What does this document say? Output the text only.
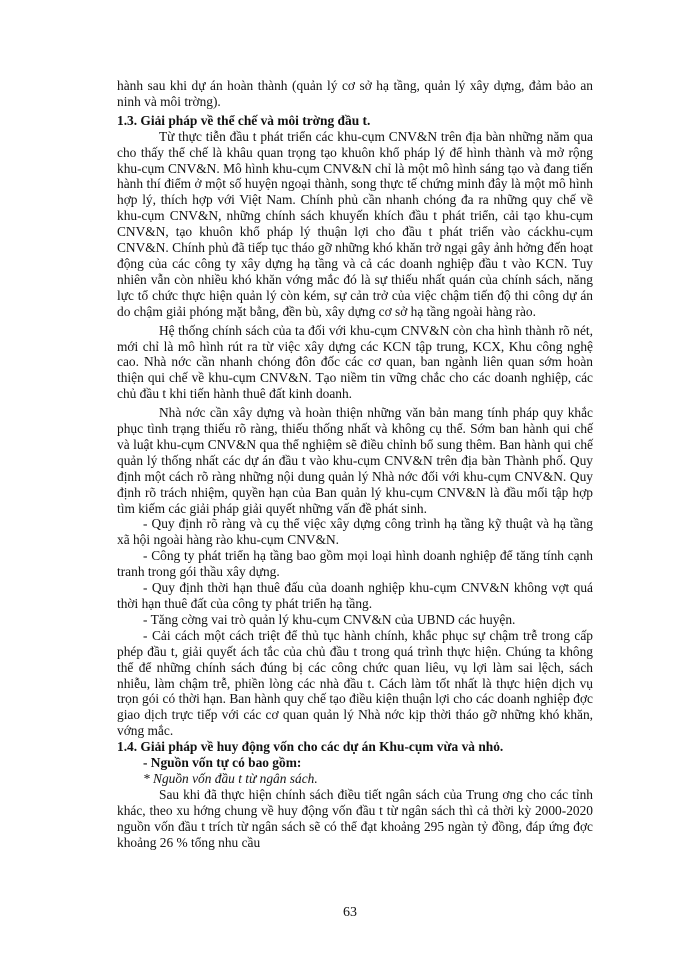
hành sau khi dự án hoàn thành (quản lý cơ sở hạ tầng, quản lý xây dựng, đảm bảo an ninh và môi trờng).

1.3. Giải pháp về thể chế và môi trờng đầu t.

Từ thực tiễn đầu t phát triển các khu-cụm CNV&N trên địa bàn những năm qua cho thấy thể chế là khâu quan trọng tạo khuôn khổ pháp lý để hình thành và mở rộng khu-cụm CNV&N. Mô hình khu-cụm CNV&N chỉ là một mô hình sáng tạo và đang tiến hành thí điểm ở một số huyện ngoại thành, song thực tế chứng minh đây là một mô hình hợp lý, thích hợp với Việt Nam. Chính phủ cần nhanh chóng đa ra những quy chế về khu-cụm CNV&N, những chính sách khuyến khích đầu t phát triển, cải tạo khu-cụm CNV&N, tạo khuôn khổ pháp lý thuận lợi cho đầu t phát triển vào cáckhu-cụm CNV&N. Chính phủ đã tiếp tục tháo gỡ những khó khăn trở ngại gây ảnh hởng đến hoạt động của các công ty xây dựng hạ tầng và cả các doanh nghiệp đầu t vào KCN. Tuy nhiên vẫn còn nhiều khó khăn vớng mắc đó là sự thiếu nhất quán của chính sách, năng lực tổ chức thực hiện quản lý còn kém, sự cản trở của việc chậm tiến độ thi công dự án do chậm giải phóng mặt bằng, đền bù, xây dựng cơ sở hạ tầng ngoài hàng rào.

Hệ thống chính sách của ta đối với khu-cụm CNV&N còn cha hình thành rõ nét, mới chỉ là mô hình rút ra từ việc xây dựng các KCN tập trung, KCX, Khu công nghệ cao. Nhà nớc cần nhanh chóng đôn đốc các cơ quan, ban ngành liên quan sớm hoàn thiện qui chế về khu-cụm CNV&N. Tạo niềm tin vững chắc cho các doanh nghiệp, các chủ đầu t khi tiến hành thuê đất kinh doanh.

Nhà nớc cần xây dựng và hoàn thiện những văn bản mang tính pháp quy khắc phục tình trạng thiếu rõ ràng, thiếu thống nhất và không cụ thể. Sớm ban hành qui chế và luật khu-cụm CNV&N qua thể nghiệm sẽ điều chỉnh bổ sung thêm. Ban hành qui chế quản lý thống nhất các dự án đầu t vào khu-cụm CNV&N trên địa bàn Thành phố. Quy định một cách rõ ràng những nội dung quản lý Nhà nớc đối với khu-cụm CNV&N. Quy định rõ trách nhiệm, quyền hạn của Ban quản lý khu-cụm CNV&N là đầu mối tập hợp tìm kiếm các giải pháp giải quyết những vấn đề phát sinh.

- Quy định rõ ràng và cụ thể việc xây dựng công trình hạ tầng kỹ thuật và hạ tầng xã hội ngoài hàng rào khu-cụm CNV&N.

- Công ty phát triển hạ tầng bao gồm mọi loại hình doanh nghiệp để tăng tính cạnh tranh trong gói thầu xây dựng.

- Quy định thời hạn thuê đấu của doanh nghiệp khu-cụm CNV&N không vợt quá thời hạn thuê đất của công ty phát triển hạ tầng.

- Tăng cờng vai trò quản lý khu-cụm CNV&N của UBND các huyện.

- Cải cách một cách triệt để thủ tục hành chính, khắc phục sự chậm trễ trong cấp phép đầu t, giải quyết ách tắc của chủ đầu t trong quá trình thực hiện. Chúng ta không thể để những chính sách đúng bị các công chức quan liêu, vụ lợi làm sai lệch, sách nhiễu, làm chậm trễ, phiền lòng các nhà đầu t. Cách làm tốt nhất là thực hiện dịch vụ trọn gói có thời hạn. Ban hành quy chế tạo điều kiện thuận lợi cho các doanh nghiệp đợc giao dịch trực tiếp với các cơ quan quản lý Nhà nớc kịp thời tháo gỡ những khó khăn, vớng mắc.

1.4. Giải pháp về huy động vốn cho các dự án Khu-cụm vừa và nhỏ.

- Nguồn vốn tự có bao gồm:

* Nguồn vốn đầu t từ ngân sách.

Sau khi đã thực hiện chính sách điều tiết ngân sách của Trung ơng cho các tỉnh khác, theo xu hớng chung về huy động vốn đầu t từ ngân sách thì cả thời kỳ 2000-2020 nguồn vốn đầu t trích từ ngân sách sẽ có thể đạt khoảng 295 ngàn tỷ đồng, đáp ứng đợc khoảng 26 % tổng nhu cầu

63
